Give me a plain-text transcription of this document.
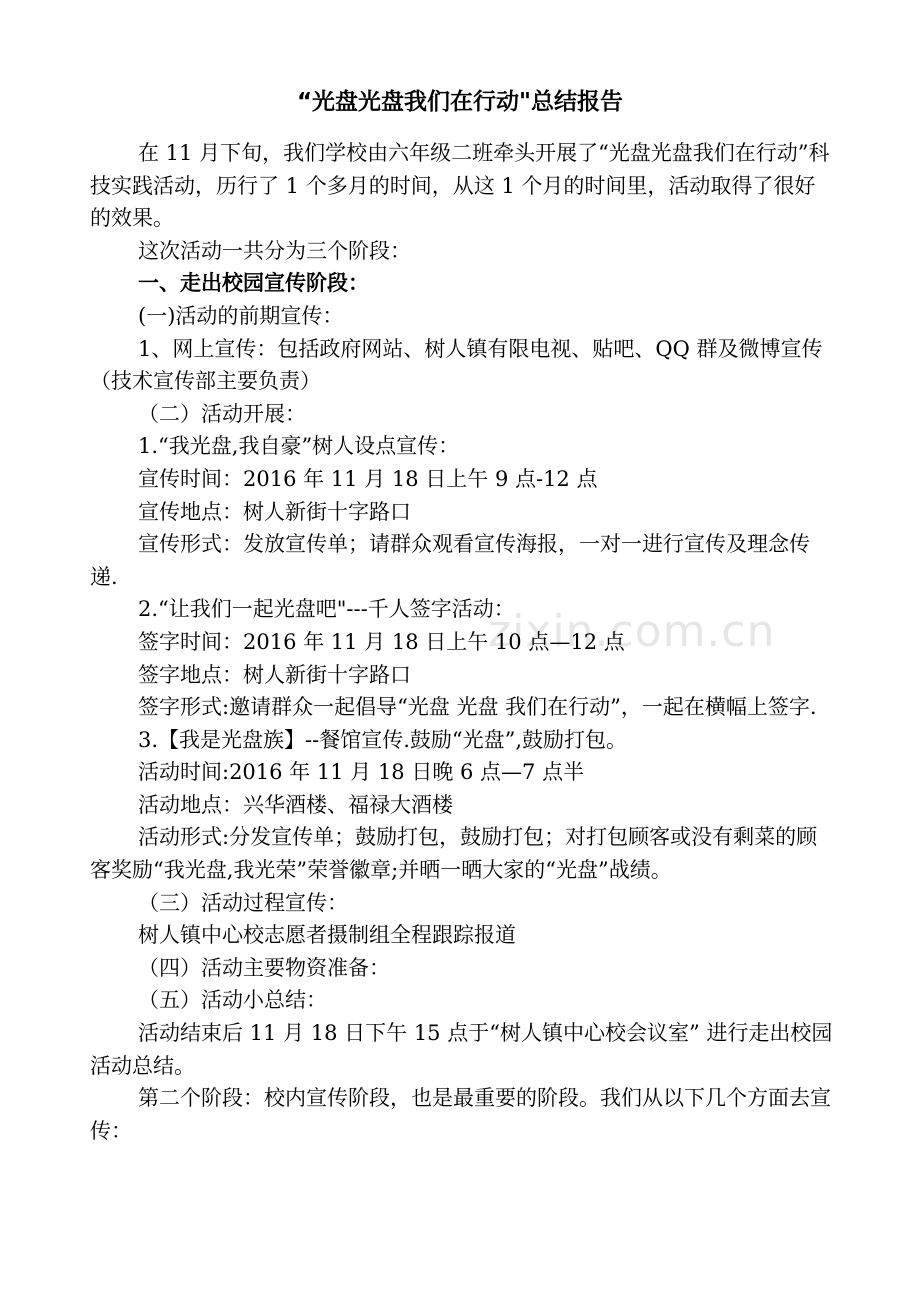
zixin.com.cn
“光盘光盘我们在行动"总结报告

在 11 月下旬，我们学校由六年级二班牵头开展了“光盘光盘我们在行动”科技实践活动，历行了 1 个多月的时间，从这 1 个月的时间里，活动取得了很好的效果。

这次活动一共分为三个阶段：

一、走出校园宣传阶段：

(一)活动的前期宣传：

1、网上宣传：包括政府网站、树人镇有限电视、贴吧、QQ 群及微博宣传（技术宣传部主要负责）

（二）活动开展：

1.“我光盘,我自豪”树人设点宣传：

宣传时间：2016 年 11 月 18 日上午 9 点-12 点

宣传地点：树人新街十字路口

宣传形式：发放宣传单；请群众观看宣传海报，一对一进行宣传及理念传递.

2.“让我们一起光盘吧"---千人签字活动：

签字时间：2016 年 11 月 18 日上午 10 点—12 点

签字地点：树人新街十字路口

签字形式:邀请群众一起倡导“光盘 光盘 我们在行动”，一起在横幅上签字.

3.【我是光盘族】--餐馆宣传.鼓励“光盘”,鼓励打包。

活动时间:2016 年 11 月 18 日晚 6 点—7 点半

活动地点：兴华酒楼、福禄大酒楼

活动形式:分发宣传单；鼓励打包，鼓励打包；对打包顾客或没有剩菜的顾客奖励“我光盘,我光荣”荣誉徽章;并晒一晒大家的“光盘”战绩。

（三）活动过程宣传：

树人镇中心校志愿者摄制组全程跟踪报道

（四）活动主要物资准备：

（五）活动小总结：

活动结束后 11 月 18 日下午 15 点于“树人镇中心校会议室” 进行走出校园活动总结。

第二个阶段：校内宣传阶段，也是最重要的阶段。我们从以下几个方面去宣传：
